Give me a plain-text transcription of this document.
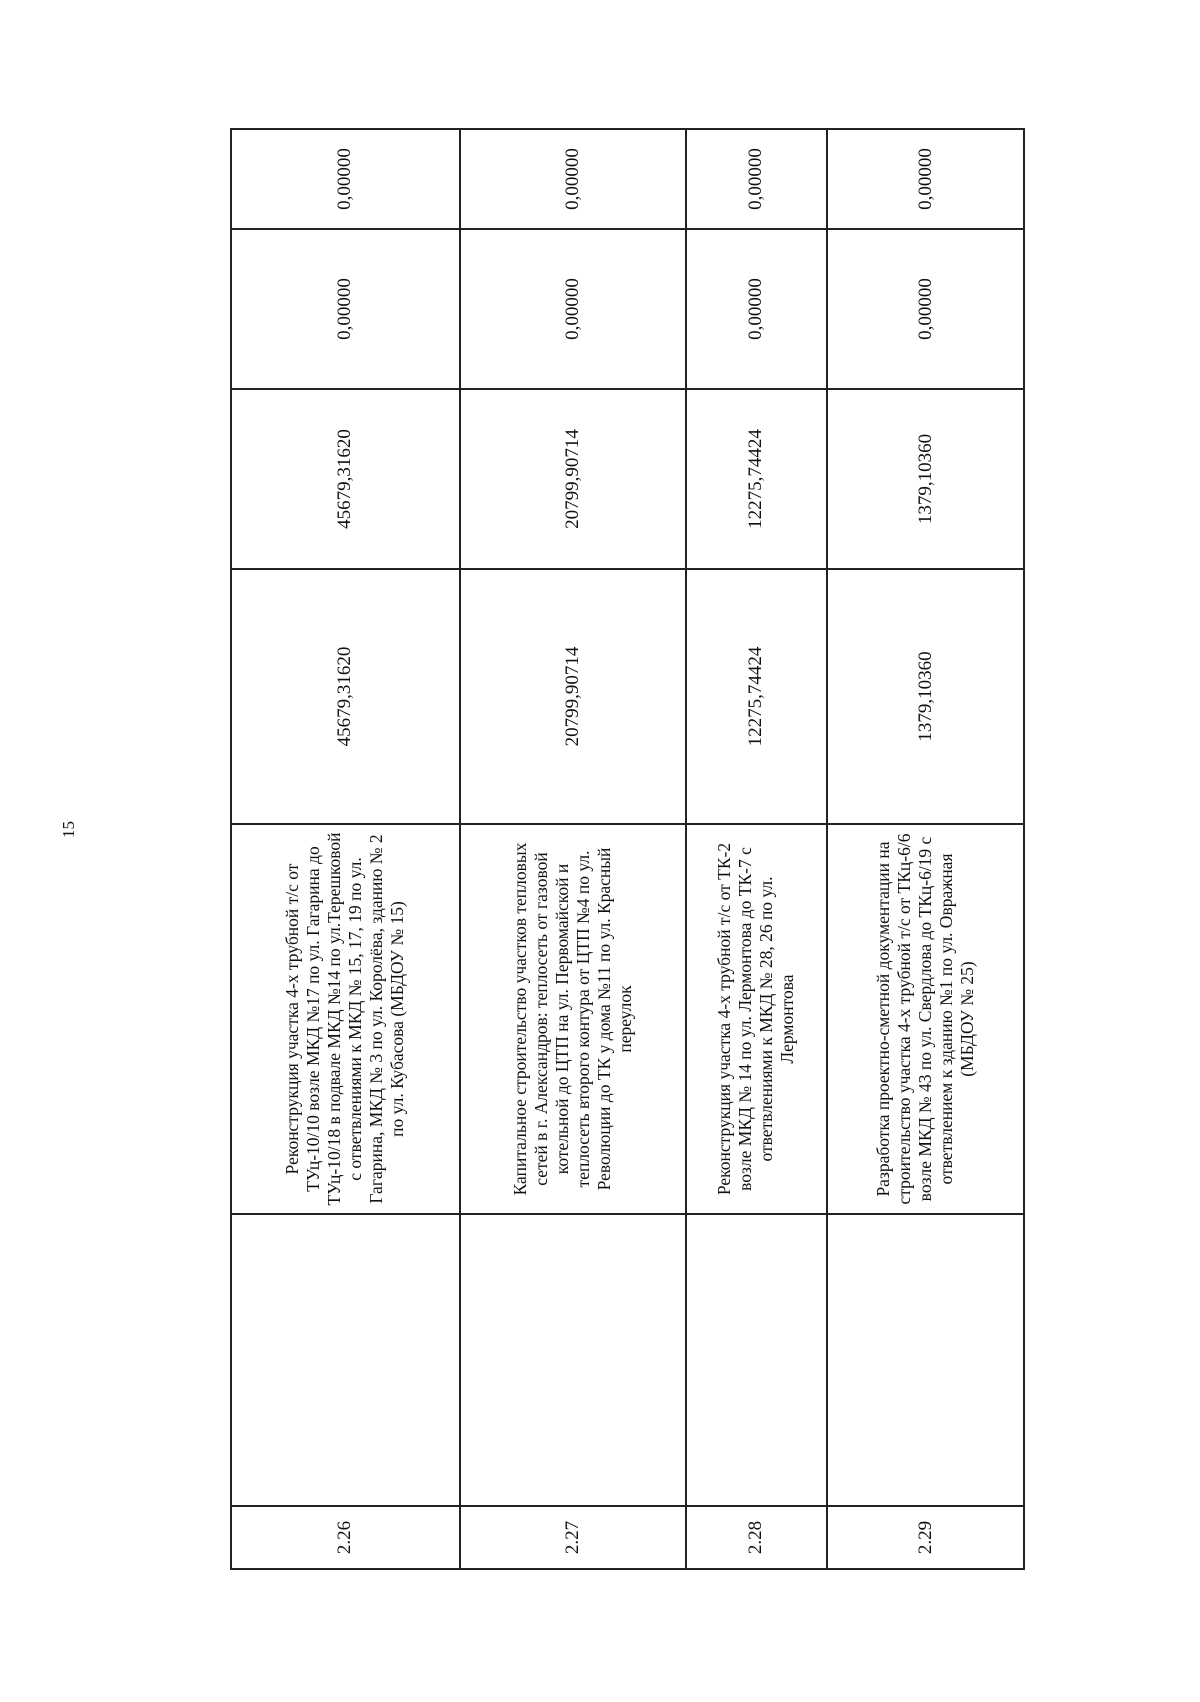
15
2.26		Реконструкция участка 4-х трубной т/с от ТУц-10/10 возле МКД №17 по ул. Гагарина до ТУц-10/18 в подвале МКД №14 по ул.Терешковой с ответвлениями к МКД № 15, 17, 19 по ул. Гагарина, МКД № 3 по ул. Королёва, зданию № 2 по ул. Кубасова (МБДОУ № 15)	45679,31620	45679,31620	0,00000	0,00000
2.27		Капитальное строительство участков тепловых сетей в г. Александров: теплосеть от газовой котельной до ЦТП на ул. Первомайской и теплосеть второго контура от ЦТП №4 по ул. Революции до ТК у дома №11 по ул. Красный переулок	20799,90714	20799,90714	0,00000	0,00000
2.28		Реконструкция участка 4-х трубной т/с от ТК-2 возле МКД № 14 по ул. Лермонтова до ТК-7 с ответвлениями к МКД № 28, 26 по ул. Лермонтова	12275,74424	12275,74424	0,00000	0,00000
2.29		Разработка проектно-сметной документации на строительство участка 4-х трубной т/с от ТКц-6/6 возле МКД № 43 по ул. Свердлова до ТКц-6/19 с ответвлением к зданию №1 по ул. Овражная (МБДОУ № 25)	1379,10360	1379,10360	0,00000	0,00000
